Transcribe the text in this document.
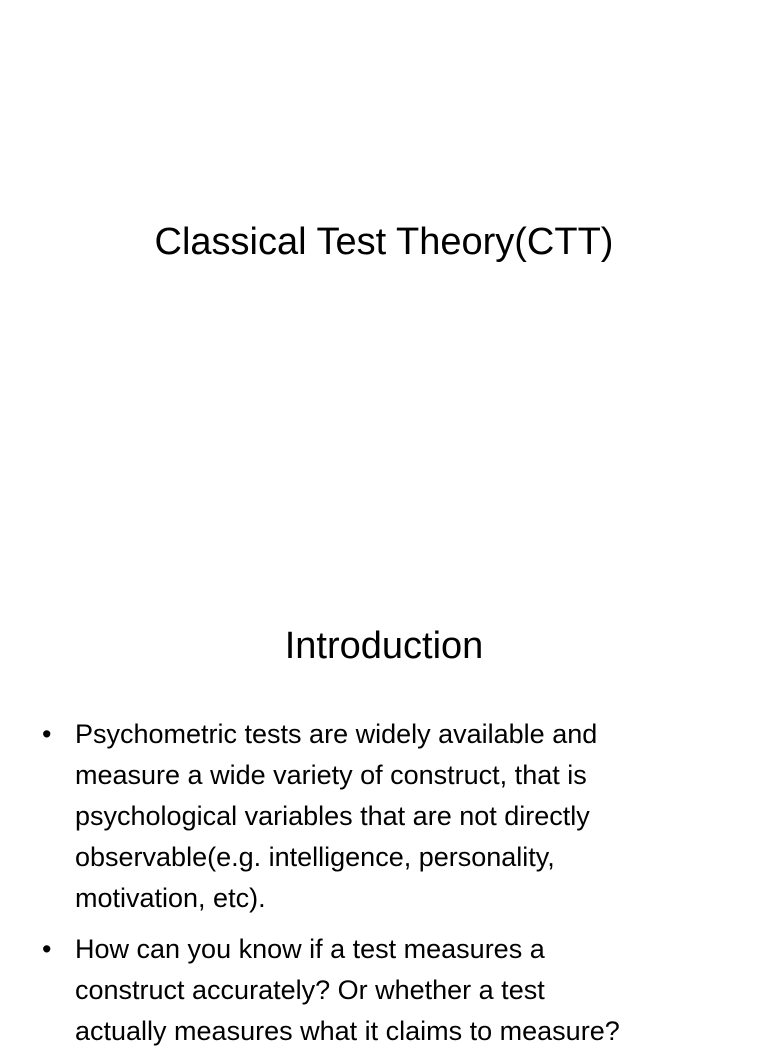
Classical Test Theory(CTT)
Introduction
• Psychometric tests are widely available and
measure a wide variety of construct, that is
psychological variables that are not directly
observable(e.g. intelligence, personality,
motivation, etc).
• How can you know if a test measures a
construct accurately? Or whether a test
actually measures what it claims to measure?
